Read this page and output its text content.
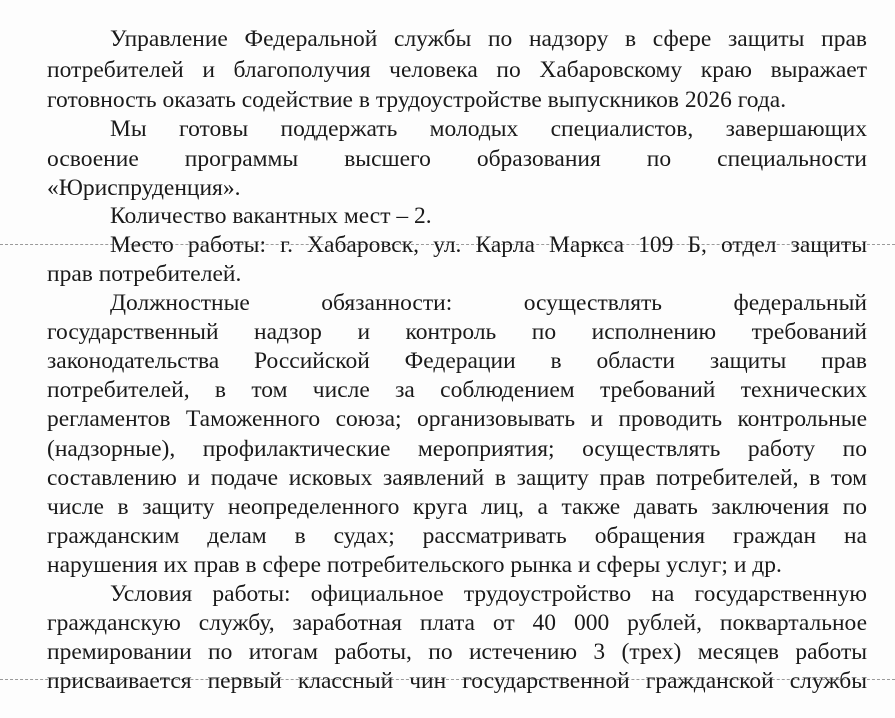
Управление Федеральной службы по надзору в сфере защиты прав
потребителей и благополучия человека по Хабаровскому краю выражает
готовность оказать содействие в трудоустройстве выпускников 2026 года.
Мы готовы поддержать молодых специалистов, завершающих
освоение программы высшего образования по специальности
«Юриспруденция».
Количество вакантных мест – 2.
Место работы: г. Хабаровск, ул. Карла Маркса 109 Б, отдел защиты
прав потребителей.
Должностные обязанности: осуществлять федеральный
государственный надзор и контроль по исполнению требований
законодательства Российской Федерации в области защиты прав
потребителей, в том числе за соблюдением требований технических
регламентов Таможенного союза; организовывать и проводить контрольные
(надзорные), профилактические мероприятия; осуществлять работу по
составлению и подаче исковых заявлений в защиту прав потребителей, в том
числе в защиту неопределенного круга лиц, а также давать заключения по
гражданским делам в судах; рассматривать обращения граждан на
нарушения их прав в сфере потребительского рынка и сферы услуг; и др.
Условия работы: официальное трудоустройство на государственную
гражданскую службу, заработная плата от 40 000 рублей, поквартальное
премировании по итогам работы, по истечению 3 (трех) месяцев работы
присваивается первый классный чин государственной гражданской службы
